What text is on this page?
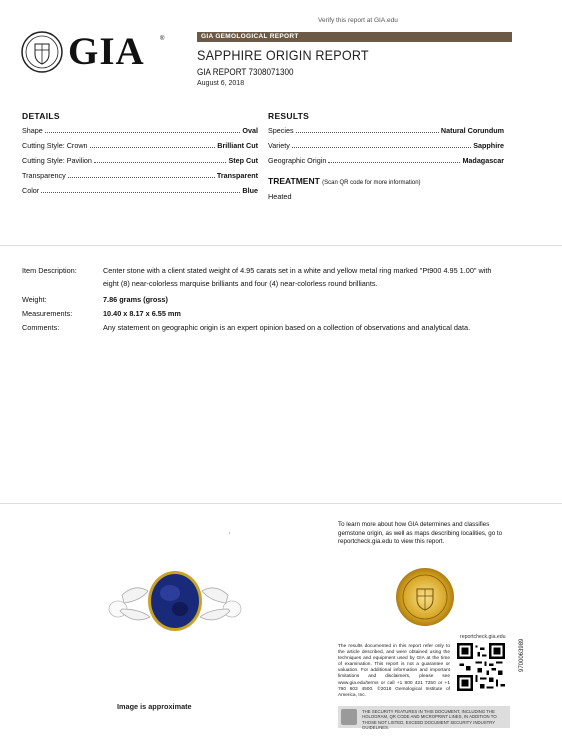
Verify this report at GIA.edu
GIA	®	GIA GEMOLOGICAL REPORT
SAPPHIRE ORIGIN REPORT
GIA REPORT 7308071300
August 6, 2018
DETAILS
Shape	Oval
Cutting Style: Crown	Brilliant Cut
Cutting Style: Pavilion	Step Cut
Transparency	Transparent
Color	Blue
RESULTS
Species	Natural Corundum
Variety	Sapphire
Geographic Origin	Madagascar
TREATMENT (Scan QR code for more information)
Heated
Item Description:	Center stone with a client stated weight of 4.95 carats set in a white and yellow metal ring marked "Pt900 4.95 1.00" with eight (8) near-colorless marquise brilliants and four (4) near-colorless round brilliants.
Weight:	7.86 grams (gross)
Measurements:	10.40 x 8.17 x 6.55 mm
Comments:	Any statement on geographic origin is an expert opinion based on a collection of observations and analytical data.
'
Image is approximate
To learn more about how GIA determines and classifies gemstone origin, as well as maps describing localities, go to reportcheck.gia.edu to view this report.
reportcheck.gia.edu
The results documented in this report refer only to the article described, and were obtained using the techniques and equipment used by GIA at the time of examination. This report is not a guarantee or valuation. For additional information and important limitations and disclaimers, please see www.gia.edu/terms or call +1 800 421 7250 or +1 760 603 4500. ©2018 Gemological Institute of America, Inc.
THE SECURITY FEATURES IN THIS DOCUMENT, INCLUDING THE HOLOGRAM, QR CODE AND MICROPRINT LINES, IN ADDITION TO THOSE NOT LISTED, EXCEED DOCUMENT SECURITY INDUSTRY GUIDELINES.
9700063989
